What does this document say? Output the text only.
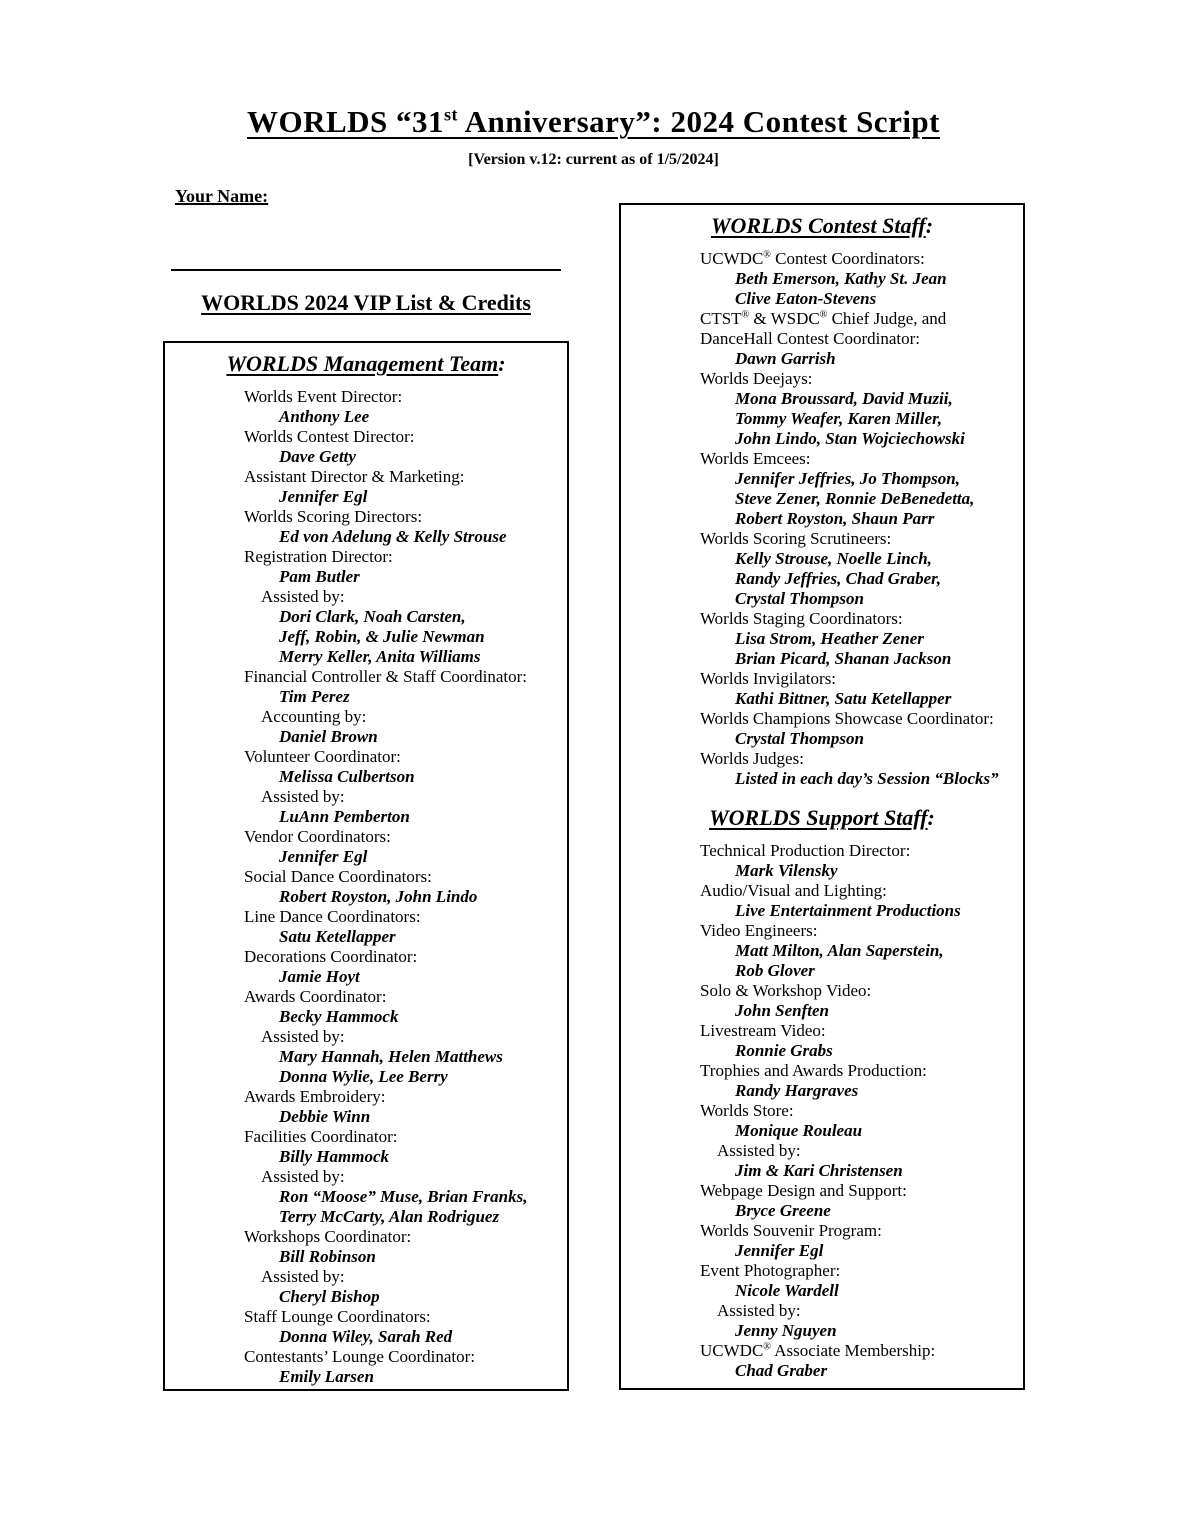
WORLDS “31st Anniversary”: 2024 Contest Script
[Version v.12: current as of 1/5/2024]
Your Name:
WORLDS 2024 VIP List & Credits
WORLDS Management Team:
Worlds Event Director:
Anthony Lee
Worlds Contest Director:
Dave Getty
Assistant Director & Marketing:
Jennifer Egl
Worlds Scoring Directors:
Ed von Adelung & Kelly Strouse
Registration Director:
Pam Butler
Assisted by:
Dori Clark, Noah Carsten,
Jeff, Robin, & Julie Newman
Merry Keller, Anita Williams
Financial Controller & Staff Coordinator:
Tim Perez
Accounting by:
Daniel Brown
Volunteer Coordinator:
Melissa Culbertson
Assisted by:
LuAnn Pemberton
Vendor Coordinators:
Jennifer Egl
Social Dance Coordinators:
Robert Royston, John Lindo
Line Dance Coordinators:
Satu Ketellapper
Decorations Coordinator:
Jamie Hoyt
Awards Coordinator:
Becky Hammock
Assisted by:
Mary Hannah, Helen Matthews
Donna Wylie, Lee Berry
Awards Embroidery:
Debbie Winn
Facilities Coordinator:
Billy Hammock
Assisted by:
Ron “Moose” Muse, Brian Franks,
Terry McCarty, Alan Rodriguez
Workshops Coordinator:
Bill Robinson
Assisted by:
Cheryl Bishop
Staff Lounge Coordinators:
Donna Wiley, Sarah Red
Contestants’ Lounge Coordinator:
Emily Larsen
WORLDS Contest Staff:
UCWDC® Contest Coordinators:
Beth Emerson, Kathy St. Jean
Clive Eaton-Stevens
CTST® & WSDC® Chief Judge, and
DanceHall Contest Coordinator:
Dawn Garrish
Worlds Deejays:
Mona Broussard, David Muzii,
Tommy Weafer, Karen Miller,
John Lindo, Stan Wojciechowski
Worlds Emcees:
Jennifer Jeffries, Jo Thompson,
Steve Zener, Ronnie DeBenedetta,
Robert Royston, Shaun Parr
Worlds Scoring Scrutineers:
Kelly Strouse, Noelle Linch,
Randy Jeffries, Chad Graber,
Crystal Thompson
Worlds Staging Coordinators:
Lisa Strom, Heather Zener
Brian Picard, Shanan Jackson
Worlds Invigilators:
Kathi Bittner, Satu Ketellapper
Worlds Champions Showcase Coordinator:
Crystal Thompson
Worlds Judges:
Listed in each day’s Session “Blocks”
WORLDS Support Staff:
Technical Production Director:
Mark Vilensky
Audio/Visual and Lighting:
Live Entertainment Productions
Video Engineers:
Matt Milton, Alan Saperstein,
Rob Glover
Solo & Workshop Video:
John Senften
Livestream Video:
Ronnie Grabs
Trophies and Awards Production:
Randy Hargraves
Worlds Store:
Monique Rouleau
Assisted by:
Jim & Kari Christensen
Webpage Design and Support:
Bryce Greene
Worlds Souvenir Program:
Jennifer Egl
Event Photographer:
Nicole Wardell
Assisted by:
Jenny Nguyen
UCWDC® Associate Membership:
Chad Graber
